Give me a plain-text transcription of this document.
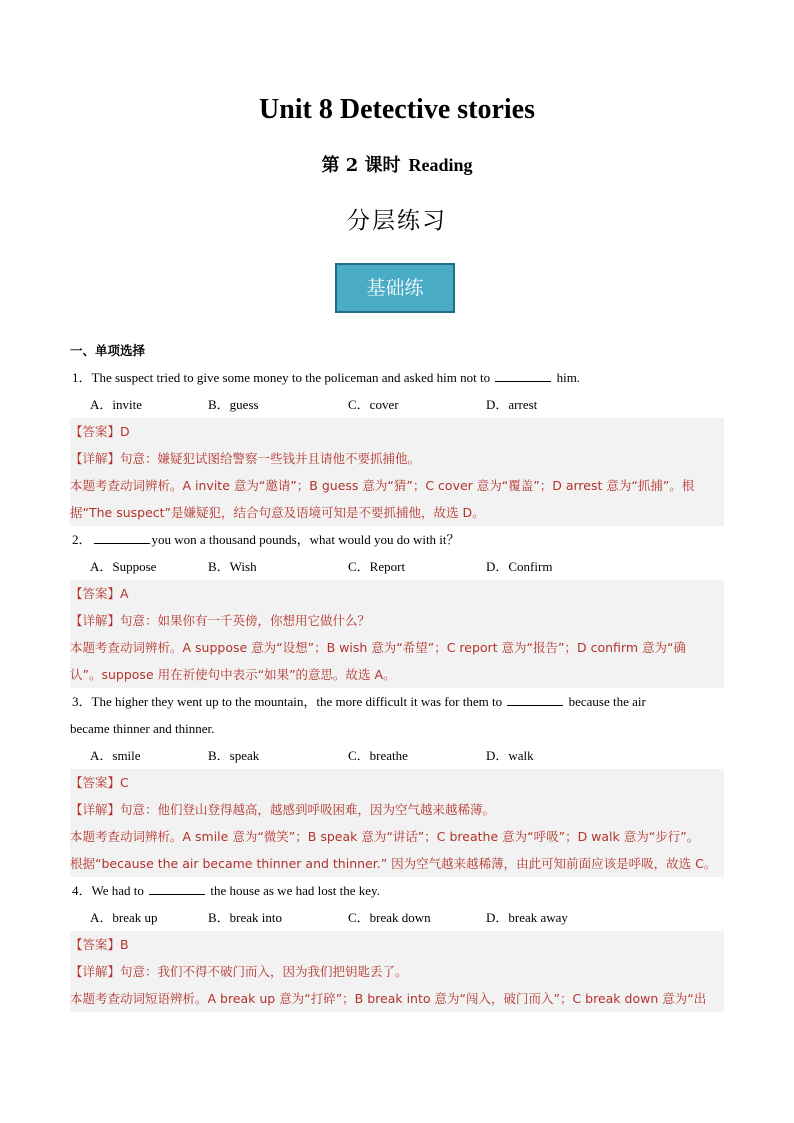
Unit 8 Detective stories
第 2 课时 Reading
分层练习
基础练
一、单项选择
1．The suspect tried to give some money to the policeman and asked him not to	him.
A．invite	B．guess	C．cover	D．arrest
【答案】D
【详解】句意：嫌疑犯试图给警察一些钱并且请他不要抓捕他。
本题考查动词辨析。A invite 意为“邀请”；B guess 意为“猜”；C cover 意为“覆盖”；D arrest 意为“抓捕”。根
据“The suspect”是嫌疑犯，结合句意及语境可知是不要抓捕他，故选 D。
2．	you won a thousand pounds，what would you do with it？
A．Suppose	B．Wish	C．Report	D．Confirm
【答案】A
【详解】句意：如果你有一千英傍，你想用它做什么？
本题考查动词辨析。A suppose 意为“设想”；B wish 意为“希望”；C report 意为“报告”；D confirm 意为“确
认”。suppose 用在祈使句中表示“如果”的意思。故选 A。
3．The higher they went up to the mountain，the more difficult it was for them to	because the air
became thinner and thinner.
A．smile	B．speak	C．breathe	D．walk
【答案】C
【详解】句意：他们登山登得越高，越感到呼吸困难，因为空气越来越稀薄。
本题考查动词辨析。A smile 意为“微笑”；B speak 意为“讲话”；C breathe 意为“呼吸”；D walk 意为“步行”。
根据“because the air became thinner and thinner.” 因为空气越来越稀薄，由此可知前面应该是呼吸，故选 C。
4．We had to	the house as we had lost the key.
A．break up	B．break into	C．break down	D．break away
【答案】B
【详解】句意：我们不得不破门而入，因为我们把钥匙丢了。
本题考查动词短语辨析。A break up 意为“打碎”；B break into 意为“闯入，破门而入”；C break down 意为“出
